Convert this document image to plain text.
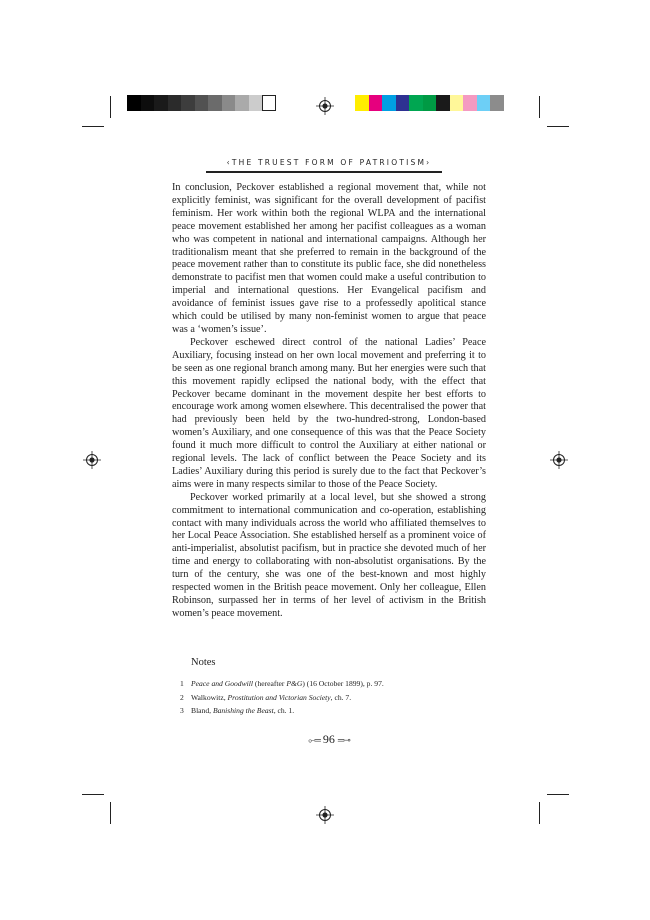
‹THE TRUEST FORM OF PATRIOTISM›

In conclusion, Peckover established a regional movement that, while not explicitly feminist, was significant for the overall development of pacifist feminism. Her work within both the regional WLPA and the international peace movement established her among her pacifist colleagues as a woman who was competent in national and international campaigns. Although her traditionalism meant that she preferred to remain in the background of the peace movement rather than to constitute its public face, she did nonetheless demonstrate to pacifist men that women could make a useful contribution to imperial and international questions. Her Evangelical pacifism and avoidance of feminist issues gave rise to a professedly apolitical stance which could be utilised by many non-feminist women to argue that peace was a ‘women’s issue’.

Peckover eschewed direct control of the national Ladies’ Peace Auxiliary, focusing instead on her own local movement and preferring it to be seen as one regional branch among many. But her energies were such that this movement rapidly eclipsed the national body, with the effect that Peckover became dominant in the movement despite her best efforts to encourage work among women elsewhere. This decentralised the power that had previously been held by the two-hundred-strong, London-based women’s Auxiliary, and one consequence of this was that the Peace Society found it much more difficult to control the Auxiliary at either national or regional levels. The lack of conflict between the Peace Society and its Ladies’ Auxiliary during this period is surely due to the fact that Peckover’s aims were in many respects similar to those of the Peace Society.

Peckover worked primarily at a local level, but she showed a strong commitment to international communication and co-operation, establishing contact with many individuals across the world who affiliated themselves to her Local Peace Association. She established herself as a prominent voice of anti-imperialist, absolutist pacifism, but in practice she devoted much of her time and energy to collaborating with non-absolutist organisations. By the turn of the century, she was one of the best-known and most highly respected women in the British peace movement. Only her colleague, Ellen Robinson, surpassed her in terms of her level of activism in the British women’s peace movement.

Notes
1 Peace and Goodwill (hereafter P&G) (16 October 1899), p. 97.
2 Walkowitz, Prostitution and Victorian Society, ch. 7.
3 Bland, Banishing the Beast, ch. 1.
⟜═ 96 ═⊸
